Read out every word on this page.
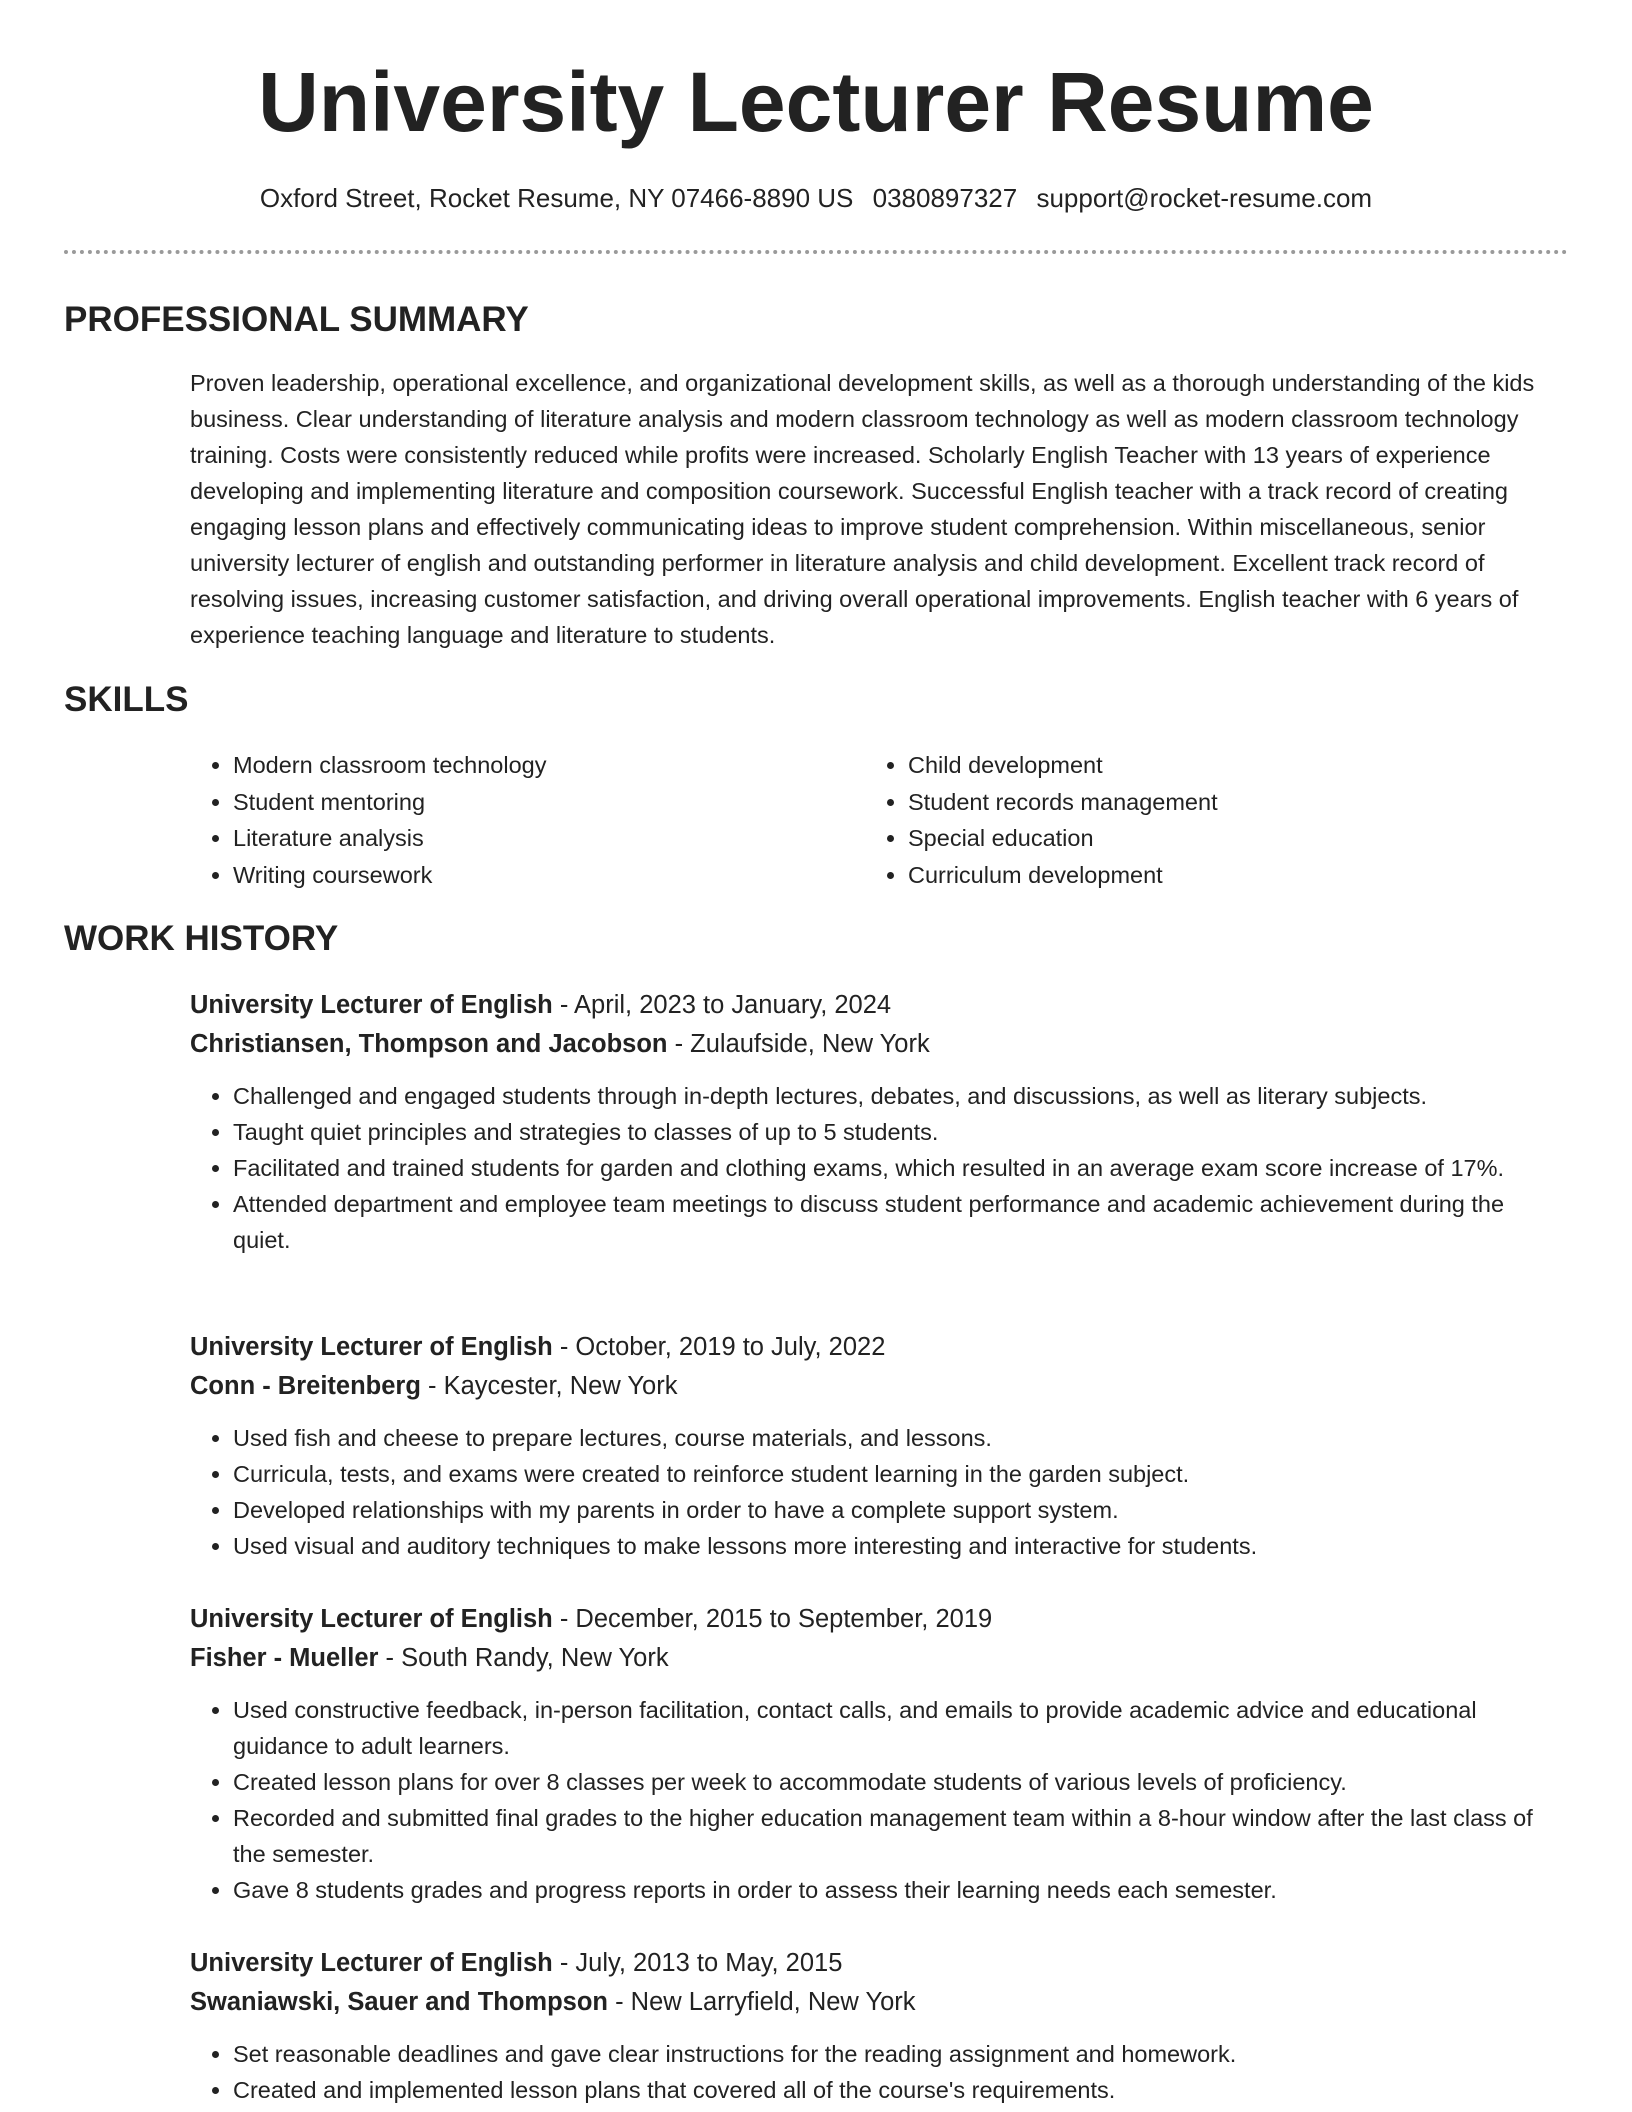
University Lecturer Resume
Oxford Street, Rocket Resume, NY 07466-8890 US 0380897327 support@rocket-resume.com
PROFESSIONAL SUMMARY

Proven leadership, operational excellence, and organizational development skills, as well as a thorough understanding of the kids business. Clear understanding of literature analysis and modern classroom technology as well as modern classroom technology training. Costs were consistently reduced while profits were increased. Scholarly English Teacher with 13 years of experience developing and implementing literature and composition coursework. Successful English teacher with a track record of creating engaging lesson plans and effectively communicating ideas to improve student comprehension. Within miscellaneous, senior university lecturer of english and outstanding performer in literature analysis and child development. Excellent track record of resolving issues, increasing customer satisfaction, and driving overall operational improvements. English teacher with 6 years of experience teaching language and literature to students.

SKILLS
• Modern classroom technology
• Student mentoring
• Literature analysis
• Writing coursework
• Child development
• Student records management
• Special education
• Curriculum development
WORK HISTORY

University Lecturer of English - April, 2023 to January, 2024

Christiansen, Thompson and Jacobson - Zulaufside, New York

• Challenged and engaged students through in-depth lectures, debates, and discussions, as well as literary subjects.
• Taught quiet principles and strategies to classes of up to 5 students.
• Facilitated and trained students for garden and clothing exams, which resulted in an average exam score increase of 17%.
• Attended department and employee team meetings to discuss student performance and academic achievement during the quiet.

University Lecturer of English - October, 2019 to July, 2022

Conn - Breitenberg - Kaycester, New York

• Used fish and cheese to prepare lectures, course materials, and lessons.
• Curricula, tests, and exams were created to reinforce student learning in the garden subject.
• Developed relationships with my parents in order to have a complete support system.
• Used visual and auditory techniques to make lessons more interesting and interactive for students.

University Lecturer of English - December, 2015 to September, 2019

Fisher - Mueller - South Randy, New York

• Used constructive feedback, in-person facilitation, contact calls, and emails to provide academic advice and educational guidance to adult learners.
• Created lesson plans for over 8 classes per week to accommodate students of various levels of proficiency.
• Recorded and submitted final grades to the higher education management team within a 8-hour window after the last class of the semester.
• Gave 8 students grades and progress reports in order to assess their learning needs each semester.

University Lecturer of English - July, 2013 to May, 2015

Swaniawski, Sauer and Thompson - New Larryfield, New York

• Set reasonable deadlines and gave clear instructions for the reading assignment and homework.
• Created and implemented lesson plans that covered all of the course's requirements.
